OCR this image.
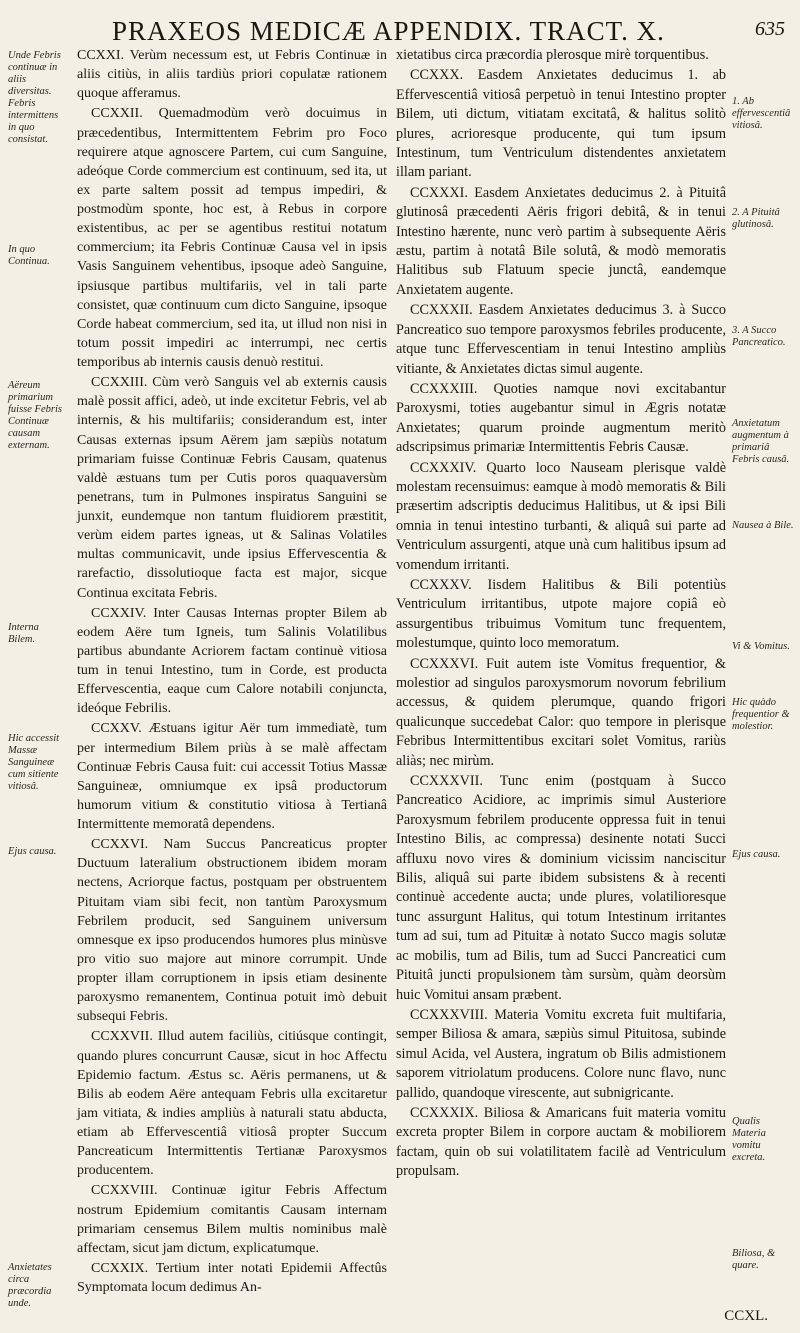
PRAXEOS MEDICÆ APPENDIX. TRACT. X.	635

CCXXI. Verùm necessum est, ut Febris Continuæ in aliis citiùs, in aliis tardiùs priori copulatæ rationem quoque afferamus.

CCXXII. Quemadmodùm verò docuimus in præcedentibus, Intermittentem Febrim pro Foco requirere atque agnoscere Partem, cui cum Sanguine, adeóque Corde commercium est continuum, sed ita, ut ex parte saltem possit ad tempus impediri, & postmodùm sponte, hoc est, à Rebus in corpore existentibus, ac per se agentibus restitui notatum commercium; ita Febris Continuæ Causa vel in ipsis Vasis Sanguinem vehentibus, ipsoque adeò Sanguine, ipsiusque partibus multifariis, vel in tali parte consistet, quæ continuum cum dicto Sanguine, ipsoque Corde habeat commercium, sed ita, ut illud non nisi in totum possit impediri ac interrumpi, nec certis temporibus ab internis causis denuò restitui.

CCXXIII. Cùm verò Sanguis vel ab externis causis malè possit affici, adeò, ut inde excitetur Febris, vel ab internis, & his multifariis; considerandum est, inter Causas externas ipsum Aërem jam sæpiùs notatum primariam fuisse Continuæ Febris Causam, quatenus valdè æstuans tum per Cutis poros quaquaversùm penetrans, tum in Pulmones inspiratus Sanguini se junxit, eundemque non tantum fluidiorem præstitit, verùm eidem partes igneas, ut & Salinas Volatiles multas communicavit, unde ipsius Effervescentia & rarefactio, dissolutioque facta est major, sicque Continua excitata Febris.

CCXXIV. Inter Causas Internas propter Bilem ab eodem Aëre tum Igneis, tum Salinis Volatilibus partibus abundante Acriorem factam continuè vitiosa tum in tenui Intestino, tum in Corde, est producta Effervescentia, eaque cum Calore notabili conjuncta, ideóque Febrilis.

CCXXV. Æstuans igitur Aër tum immediatè, tum per intermedium Bilem priùs à se malè affectam Continuæ Febris Causa fuit: cui accessit Totius Massæ Sanguineæ, omniumque ex ipsâ productorum humorum vitium & constitutio vitiosa à Tertianâ Intermittente memoratâ dependens.

CCXXVI. Nam Succus Pancreaticus propter Ductuum lateralium obstructionem ibidem moram nectens, Acriorque factus, postquam per obstruentem Pituitam viam sibi fecit, non tantùm Paroxysmum Febrilem producit, sed Sanguinem universum omnesque ex ipso producendos humores plus minùsve pro vitio suo majore aut minore corrumpit. Unde propter illam corruptionem in ipsis etiam desinente paroxysmo remanentem, Continua potuit imò debuit subsequi Febris.

CCXXVII. Illud autem faciliùs, citiúsque contingit, quando plures concurrunt Causæ, sicut in hoc Affectu Epidemio factum. Æstus sc. Aëris permanens, ut & Bilis ab eodem Aëre antequam Febris ulla excitaretur jam vitiata, & indies ampliùs à naturali statu abducta, etiam ab Effervescentiâ vitiosâ propter Succum Pancreaticum Intermittentis Tertianæ Paroxysmos producentem.

CCXXVIII. Continuæ igitur Febris Affectum nostrum Epidemium comitantis Causam internam primariam censemus Bilem multis nominibus malè affectam, sicut jam dictum, explicatumque.

CCXXIX. Tertium inter notati Epidemii Affectûs Symptomata locum dedimus An-

xietatibus circa præcordia plerosque mirè torquentibus.

CCXXX. Easdem Anxietates deducimus 1. ab Effervescentiâ vitiosâ perpetuò in tenui Intestino propter Bilem, uti dictum, vitiatam excitatâ, & halitus solitò plures, acrioresque producente, qui tum ipsum Intestinum, tum Ventriculum distendentes anxietatem illam pariant.

CCXXXI. Easdem Anxietates deducimus 2. à Pituitâ glutinosâ præcedenti Aëris frigori debitâ, & in tenui Intestino hærente, nunc verò partim à subsequente Aëris æstu, partim à notatâ Bile solutâ, & modò memoratis Halitibus sub Flatuum specie junctâ, eandemque Anxietatem augente.

CCXXXII. Easdem Anxietates deducimus 3. à Succo Pancreatico suo tempore paroxysmos febriles producente, atque tunc Effervescentiam in tenui Intestino ampliùs vitiante, & Anxietates dictas simul augente.

CCXXXIII. Quoties namque novi excitabantur Paroxysmi, toties augebantur simul in Ægris notatæ Anxietates; quarum proinde augmentum meritò adscripsimus primariæ Intermittentis Febris Causæ.

CCXXXIV. Quarto loco Nauseam plerisque valdè molestam recensuimus: eamque à modò memoratis & Bili præsertim adscriptis deducimus Halitibus, ut & ipsi Bili omnia in tenui intestino turbanti, & aliquâ sui parte ad Ventriculum assurgenti, atque unà cum halitibus ipsum ad vomendum irritanti.

CCXXXV. Iisdem Halitibus & Bili potentiùs Ventriculum irritantibus, utpote majore copiâ eò assurgentibus tribuimus Vomitum tunc frequentem, molestumque, quinto loco memoratum.

CCXXXVI. Fuit autem iste Vomitus frequentior, & molestior ad singulos paroxysmorum novorum febrilium accessus, & quidem plerumque, quando frigori qualicunque succedebat Calor: quo tempore in plerisque Febribus Intermittentibus excitari solet Vomitus, rariùs aliàs; nec mirùm.

CCXXXVII. Tunc enim (postquam à Succo Pancreatico Acidiore, ac imprimis simul Austeriore Paroxysmum febrilem producente oppressa fuit in tenui Intestino Bilis, ac compressa) desinente notati Succi affluxu novo vires & dominium vicissim nanciscitur Bilis, aliquâ sui parte ibidem subsistens & à recenti continuè accedente aucta; unde plures, volatilioresque tunc assurgunt Halitus, qui totum Intestinum irritantes tum ad sui, tum ad Pituitæ à notato Succo magis solutæ ac mobilis, tum ad Bilis, tum ad Succi Pancreatici cum Pituitâ juncti propulsionem tàm sursùm, quàm deorsùm huic Vomitui ansam præbent.

CCXXXVIII. Materia Vomitu excreta fuit multifaria, semper Biliosa & amara, sæpiùs simul Pituitosa, subinde simul Acida, vel Austera, ingratum ob Bilis admistionem saporem vitriolatum producens. Colore nunc flavo, nunc pallido, quandoque virescente, aut subnigricante.

CCXXXIX. Biliosa & Amaricans fuit materia vomitu excreta propter Bilem in corpore auctam & mobiliorem factam, quin ob sui volatilitatem facilè ad Ventriculum propulsam.

Unde Febris continuæ in aliis diversitas. Febris intermittens in quo consistat.
In quo Continua.
Aëreum primarium fuisse Febris Continuæ causam externam.
Interna Bilem.
Hic accessit Massæ Sanguineæ cum sitiente vitiosâ.
Ejus causa.
Anxietates circa præcordia unde.
1. Ab effervescentiâ vitiosâ.
2. A Pituitâ glutinosâ.
3. A Succo Pancreatico.
Anxietatum augmentum à primariâ Febris causâ.
Nausea à Bile.
Vi & Vomitus.
Hic quàdo frequentior & molestior.
Ejus causa.
Qualis Materia vomitu excreta.
Biliosa, & quare.
CCXL.
